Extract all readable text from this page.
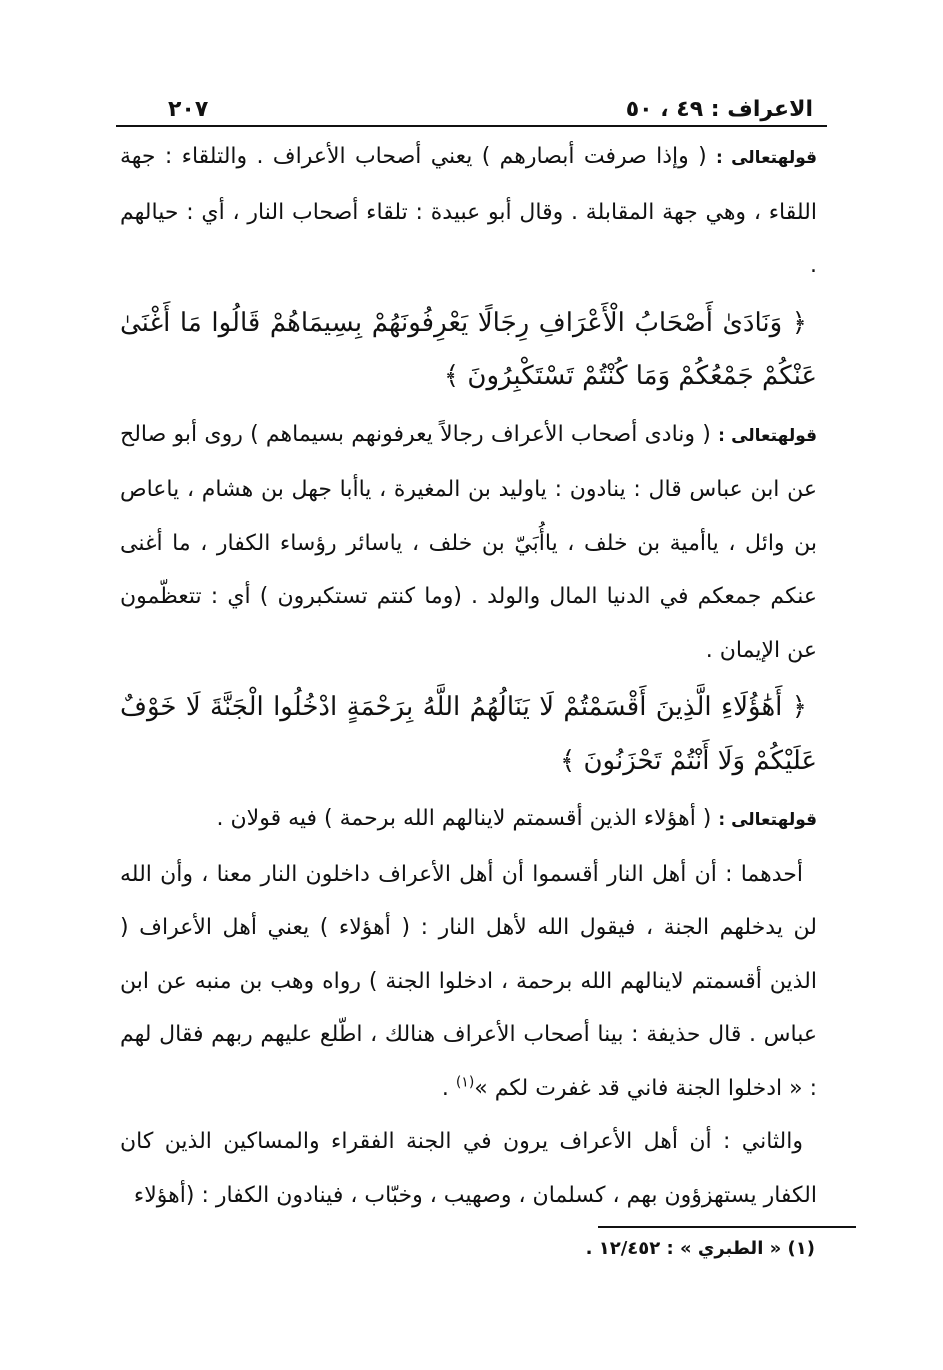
الاعراف : ٤٩ ، ٥٠
٢٠٧

قولهتعالى : ( وإذا صرفت أبصارهم ) يعني أصحاب الأعراف . والتلقاء : جهة اللقاء ، وهي جهة المقابلة . وقال أبو عبيدة : تلقاء أصحاب النار ، أي : حيالهم .

﴿ وَنَادَىٰ أَصْحَابُ الْأَعْرَافِ رِجَالًا يَعْرِفُونَهُمْ بِسِيمَاهُمْ قَالُوا مَا أَغْنَىٰ عَنْكُمْ جَمْعُكُمْ وَمَا كُنْتُمْ تَسْتَكْبِرُونَ ﴾

قولهتعالى : ( ونادى أصحاب الأعراف رجالاً يعرفونهم بسيماهم ) روى أبو صالح عن ابن عباس قال : ينادون : ياوليد بن المغيرة ، ياأبا جهل بن هشام ، ياعاص بن وائل ، ياأمية بن خلف ، ياأُبَيّ بن خلف ، ياسائر رؤساء الكفار ، ما أغنى عنكم جمعكم في الدنيا المال والولد . (وما كنتم تستكبرون ) أي : تتعظّمون عن الإيمان .

﴿ أَهَٰؤُلَاءِ الَّذِينَ أَقْسَمْتُمْ لَا يَنَالُهُمُ اللَّهُ بِرَحْمَةٍ ادْخُلُوا الْجَنَّةَ لَا خَوْفٌ عَلَيْكُمْ وَلَا أَنْتُمْ تَحْزَنُونَ ﴾

قولهتعالى : ( أهؤلاء الذين أقسمتم لاينالهم الله برحمة ) فيه قولان .

أحدهما : أن أهل النار أقسموا أن أهل الأعراف داخلون النار معنا ، وأن الله لن يدخلهم الجنة ، فيقول الله لأهل النار : ( أهؤلاء ) يعني أهل الأعراف ( الذين أقسمتم لاينالهم الله برحمة ، ادخلوا الجنة ) رواه وهب بن منبه عن ابن عباس . قال حذيفة : بينا أصحاب الأعراف هنالك ، اطّلع عليهم ربهم فقال لهم : « ادخلوا الجنة فاني قد غفرت لكم »$^{(١)}$ .

والثاني : أن أهل الأعراف يرون في الجنة الفقراء والمساكين الذين كان الكفار يستهزؤون بهم ، كسلمان ، وصهيب ، وخبّاب ، فينادون الكفار : (أهؤلاء

(١) « الطبري » : ١٢/٤٥٢ .
